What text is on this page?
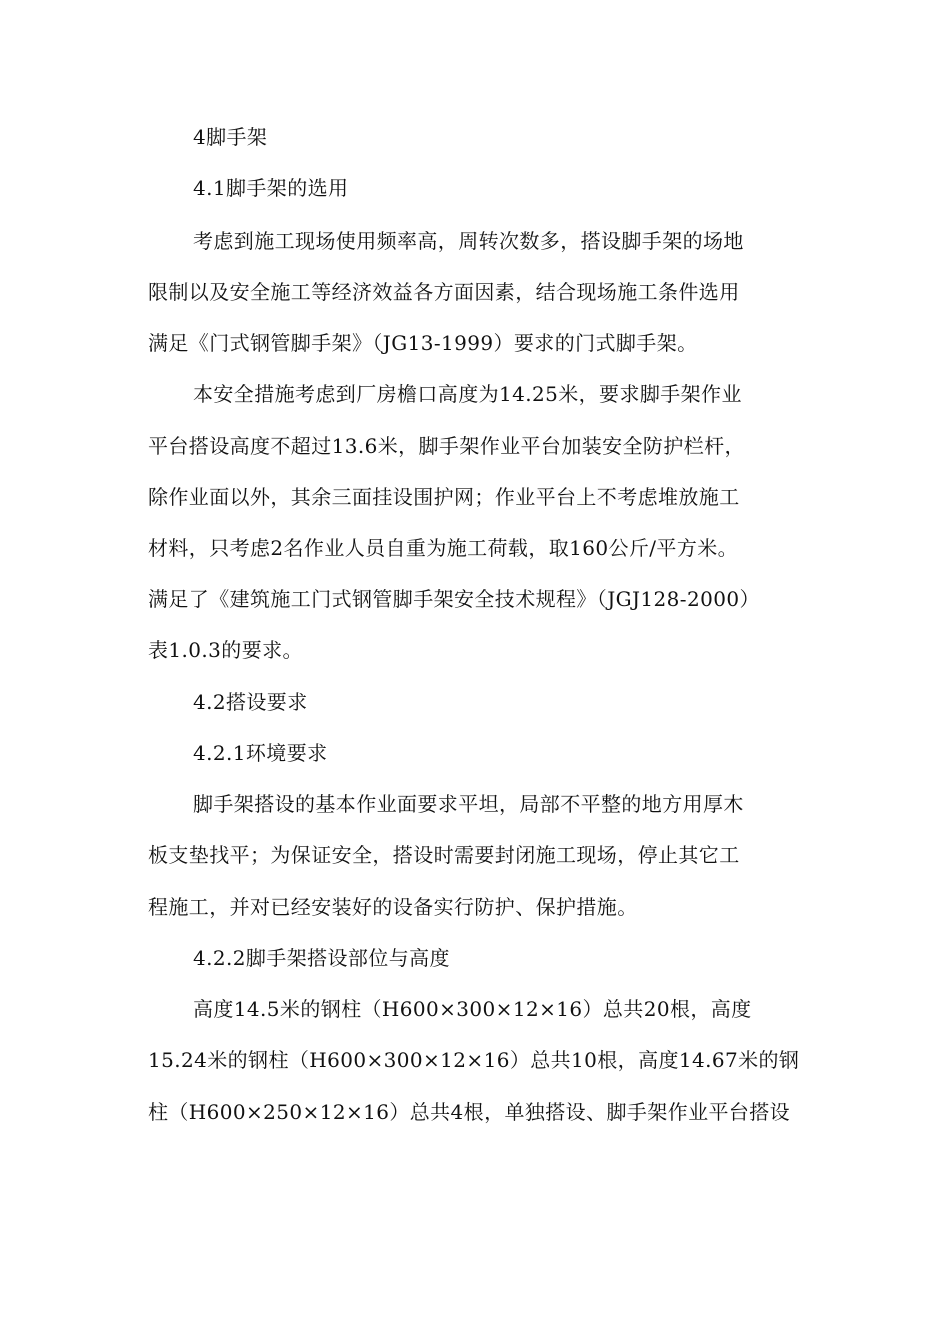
4脚手架

4.1脚手架的选用

考虑到施工现场使用频率高，周转次数多，搭设脚手架的场地

限制以及安全施工等经济效益各方面因素，结合现场施工条件选用

满足《门式钢管脚手架》（JG13-1999）要求的门式脚手架。

本安全措施考虑到厂房檐口高度为14.25米，要求脚手架作业

平台搭设高度不超过13.6米，脚手架作业平台加装安全防护栏杆，

除作业面以外，其余三面挂设围护网；作业平台上不考虑堆放施工

材料，只考虑2名作业人员自重为施工荷载，取160公斤/平方米。

满足了《建筑施工门式钢管脚手架安全技术规程》（JGJ128-2000）

表1.0.3的要求。

4.2搭设要求

4.2.1环境要求

脚手架搭设的基本作业面要求平坦，局部不平整的地方用厚木

板支垫找平；为保证安全，搭设时需要封闭施工现场，停止其它工

程施工，并对已经安装好的设备实行防护、保护措施。

4.2.2脚手架搭设部位与高度

高度14.5米的钢柱（H600×300×12×16）总共20根，高度

15.24米的钢柱（H600×300×12×16）总共10根，高度14.67米的钢

柱（H600×250×12×16）总共4根，单独搭设、脚手架作业平台搭设
